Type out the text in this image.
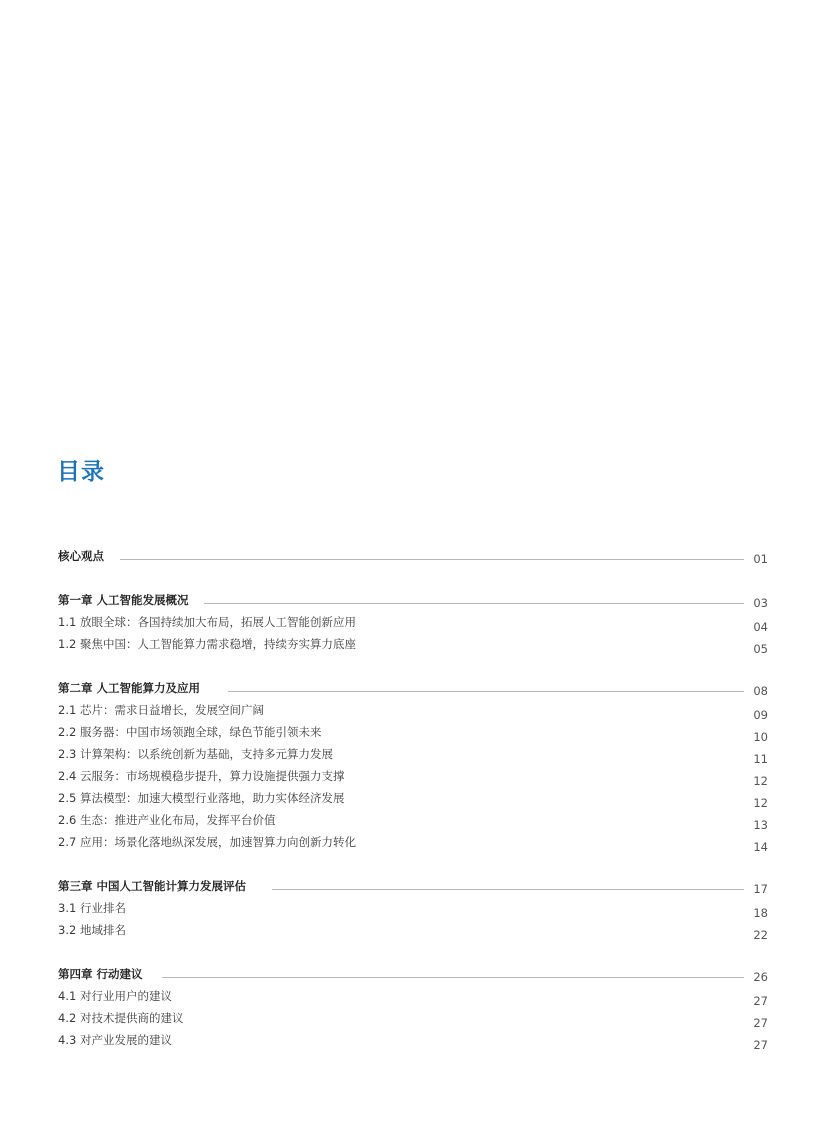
目录
核心观点	01
第一章 人工智能发展概况	03
1.1 放眼全球：各国持续加大布局，拓展人工智能创新应用	04
1.2 聚焦中国：人工智能算力需求稳增，持续夯实算力底座	05
第二章 人工智能算力及应用	08
2.1 芯片：需求日益增长，发展空间广阔	09
2.2 服务器：中国市场领跑全球，绿色节能引领未来	10
2.3 计算架构：以系统创新为基础，支持多元算力发展	11
2.4 云服务：市场规模稳步提升，算力设施提供强力支撑	12
2.5 算法模型：加速大模型行业落地，助力实体经济发展	12
2.6 生态：推进产业化布局，发挥平台价值	13
2.7 应用：场景化落地纵深发展，加速智算力向创新力转化	14
第三章 中国人工智能计算力发展评估	17
3.1 行业排名	18
3.2 地域排名	22
第四章 行动建议	26
4.1 对行业用户的建议	27
4.2 对技术提供商的建议	27
4.3 对产业发展的建议	27
